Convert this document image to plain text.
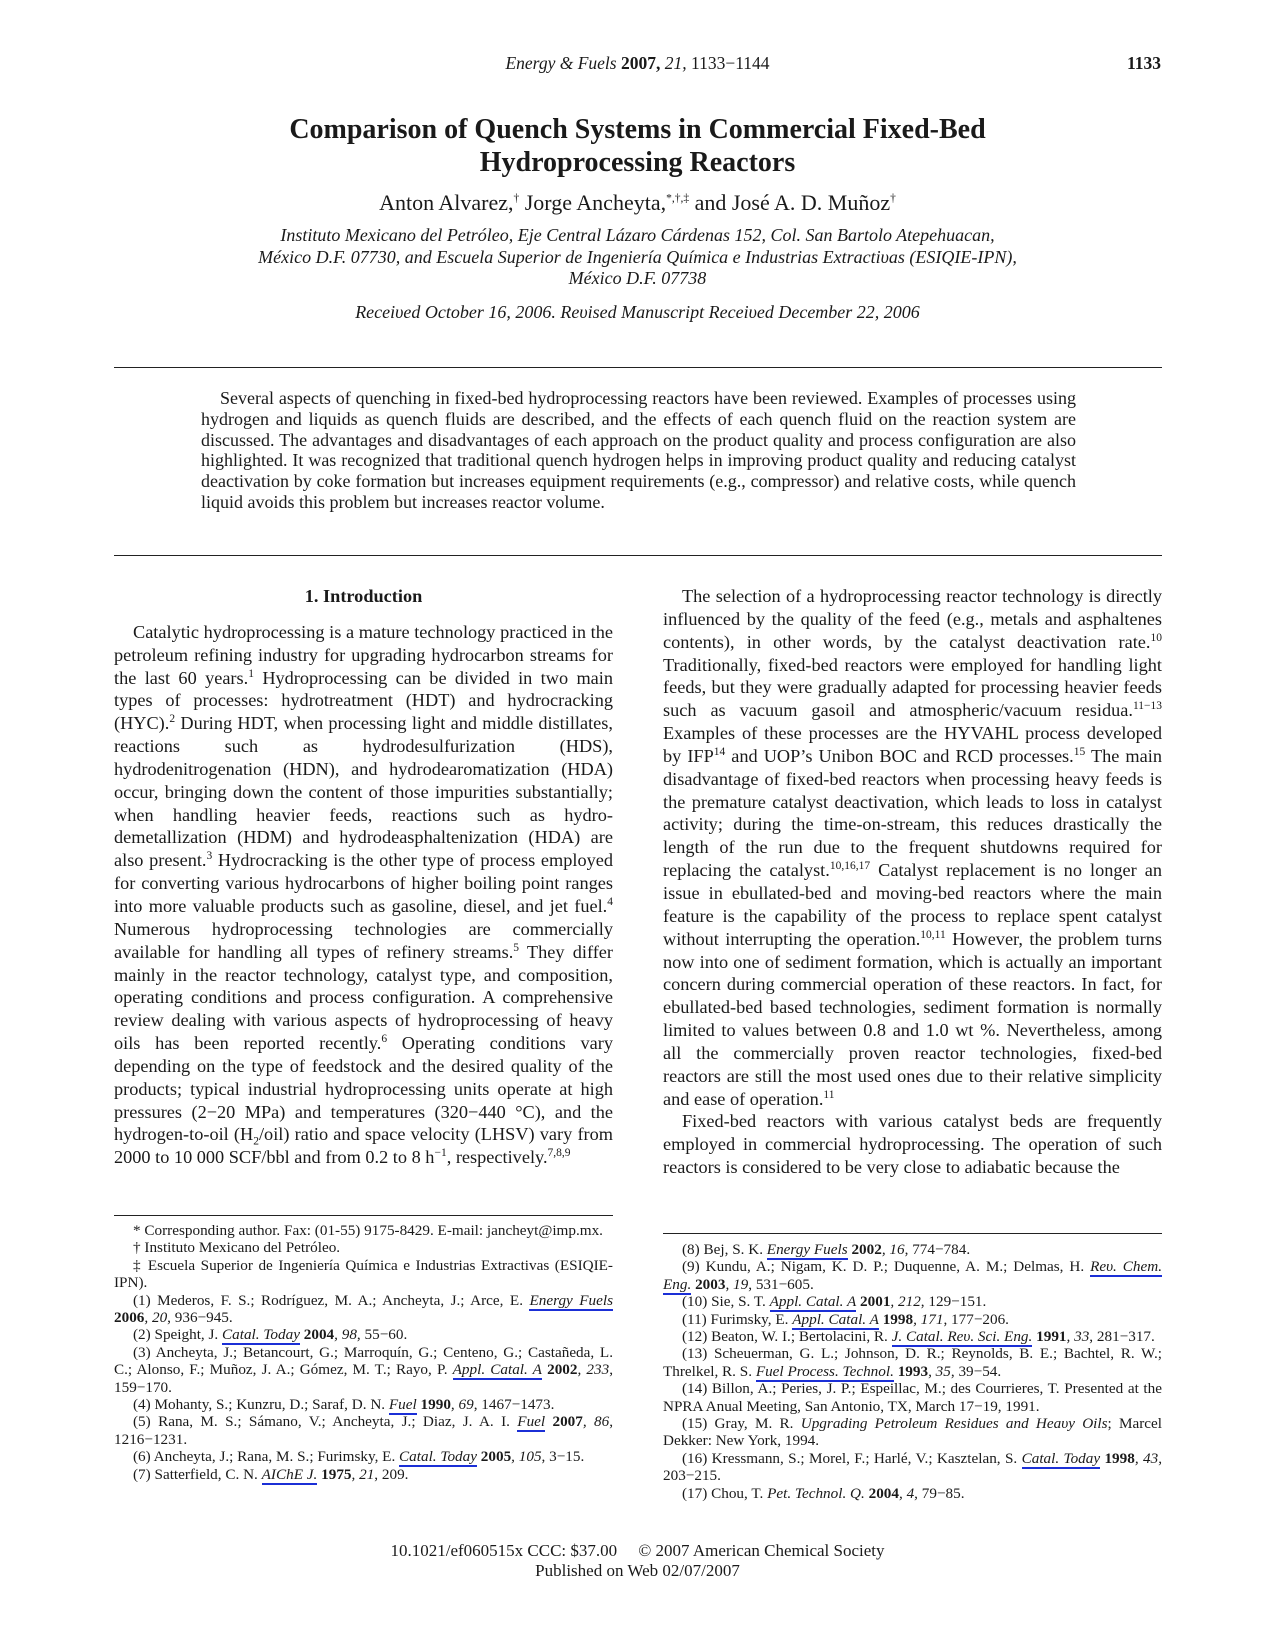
Energy & Fuels 2007, 21, 1133−1144	1133
Comparison of Quench Systems in Commercial Fixed-Bed
Hydroprocessing Reactors
Anton Alvarez,† Jorge Ancheyta,*,†,‡ and José A. D. Muñoz†
Instituto Mexicano del Petróleo, Eje Central Lázaro Cárdenas 152, Col. San Bartolo Atepehuacan,
México D.F. 07730, and Escuela Superior de Ingeniería Química e Industrias Extractiυas (ESIQIE-IPN),
México D.F. 07738
Receiυed October 16, 2006. Reυised Manuscript Receiυed December 22, 2006
Several aspects of quenching in fixed-bed hydroprocessing reactors have been reviewed. Examples of processes using hydrogen and liquids as quench fluids are described, and the effects of each quench fluid on the reaction system are discussed. The advantages and disadvantages of each approach on the product quality and process configuration are also highlighted. It was recognized that traditional quench hydrogen helps in improving product quality and reducing catalyst deactivation by coke formation but increases equipment requirements (e.g., compressor) and relative costs, while quench liquid avoids this problem but increases reactor volume.
1. Introduction

Catalytic hydroprocessing is a mature technology practiced in the petroleum refining industry for upgrading hydrocarbon streams for the last 60 years.$^1$ Hydroprocessing can be divided in two main types of processes: hydrotreatment (HDT) and hydrocracking (HYC).$^2$ During HDT, when processing light and middle distillates, reactions such as hydrodesulfurization (HDS), hydrodenitrogenation (HDN), and hydrodearomatization (HDA) occur, bringing down the content of those impurities substantially; when handling heavier feeds, reactions such as hydrodemetallization (HDM) and hydrodeasphaltenization (HDA) are also present.$^3$ Hydrocracking is the other type of process employed for converting various hydrocarbons of higher boiling point ranges into more valuable products such as gasoline, diesel, and jet fuel.$^4$ Numerous hydroprocessing technologies are commercially available for handling all types of refinery streams.$^5$ They differ mainly in the reactor technology, catalyst type, and composition, operating conditions and process configuration. A comprehensive review dealing with various aspects of hydroprocessing of heavy oils has been reported recently.$^6$ Operating conditions vary depending on the type of feedstock and the desired quality of the products; typical industrial hydroprocessing units operate at high pressures (2−20 MPa) and temperatures (320−440 °C), and the hydrogen-to-oil $(H_2/oil)$ ratio and space velocity (LHSV) vary from 2000 to 10 000 SCF/bbl and from 0.2 to 8 $h^{-1}$, respectively.$^{7,8,9}$

The selection of a hydroprocessing reactor technology is directly influenced by the quality of the feed (e.g., metals and asphaltenes contents), in other words, by the catalyst deactivation rate.$^{10}$ Traditionally, fixed-bed reactors were employed for handling light feeds, but they were gradually adapted for processing heavier feeds such as vacuum gasoil and atmospheric/vacuum residua.$^{11-13}$ Examples of these processes are the HYVAHL process developed by IFP$^{14}$ and UOP’s Unibon BOC and RCD processes.$^{15}$ The main disadvantage of fixed-bed reactors when processing heavy feeds is the premature catalyst deactivation, which leads to loss in catalyst activity; during the time-on-stream, this reduces drastically the length of the run due to the frequent shutdowns required for replacing the catalyst.$^{10,16,17}$ Catalyst replacement is no longer an issue in ebullated-bed and moving-bed reactors where the main feature is the capability of the process to replace spent catalyst without interrupting the operation.$^{10,11}$ However, the problem turns now into one of sediment formation, which is actually an important concern during commercial operation of these reactors. In fact, for ebullated-bed based technologies, sediment formation is normally limited to values between 0.8 and 1.0 wt %. Nevertheless, among all the commercially proven reactor technologies, fixed-bed reactors are still the most used ones due to their relative simplicity and ease of operation.$^{11}$

Fixed-bed reactors with various catalyst beds are frequently employed in commercial hydroprocessing. The operation of such reactors is considered to be very close to adiabatic because the

* Corresponding author. Fax: (01-55) 9175-8429. E-mail: jancheyt@imp.mx.

† Instituto Mexicano del Petróleo.

‡ Escuela Superior de Ingeniería Química e Industrias Extractivas (ESIQIE-IPN).

(1) Mederos, F. S.; Rodríguez, M. A.; Ancheyta, J.; Arce, E. Energy Fuels 2006, 20, 936−945.

(2) Speight, J. Catal. Today 2004, 98, 55−60.

(3) Ancheyta, J.; Betancourt, G.; Marroquín, G.; Centeno, G.; Castañeda, L. C.; Alonso, F.; Muñoz, J. A.; Gómez, M. T.; Rayo, P. Appl. Catal. A 2002, 233, 159−170.

(4) Mohanty, S.; Kunzru, D.; Saraf, D. N. Fuel 1990, 69, 1467−1473.

(5) Rana, M. S.; Sámano, V.; Ancheyta, J.; Diaz, J. A. I. Fuel 2007, 86, 1216−1231.

(6) Ancheyta, J.; Rana, M. S.; Furimsky, E. Catal. Today 2005, 105, 3−15.

(7) Satterfield, C. N. AIChE J. 1975, 21, 209.

(8) Bej, S. K. Energy Fuels 2002, 16, 774−784.

(9) Kundu, A.; Nigam, K. D. P.; Duquenne, A. M.; Delmas, H. Reυ. Chem. Eng. 2003, 19, 531−605.

(10) Sie, S. T. Appl. Catal. A 2001, 212, 129−151.

(11) Furimsky, E. Appl. Catal. A 1998, 171, 177−206.

(12) Beaton, W. I.; Bertolacini, R. J. Catal. Reυ. Sci. Eng. 1991, 33, 281−317.

(13) Scheuerman, G. L.; Johnson, D. R.; Reynolds, B. E.; Bachtel, R. W.; Threlkel, R. S. Fuel Process. Technol. 1993, 35, 39−54.

(14) Billon, A.; Peries, J. P.; Espeillac, M.; des Courrieres, T. Presented at the NPRA Anual Meeting, San Antonio, TX, March 17−19, 1991.

(15) Gray, M. R. Upgrading Petroleum Residues and Heaυy Oils; Marcel Dekker: New York, 1994.

(16) Kressmann, S.; Morel, F.; Harlé, V.; Kasztelan, S. Catal. Today 1998, 43, 203−215.

(17) Chou, T. Pet. Technol. Q. 2004, 4, 79−85.

10.1021/ef060515x CCC: $37.00 © 2007 American Chemical Society
Published on Web 02/07/2007
